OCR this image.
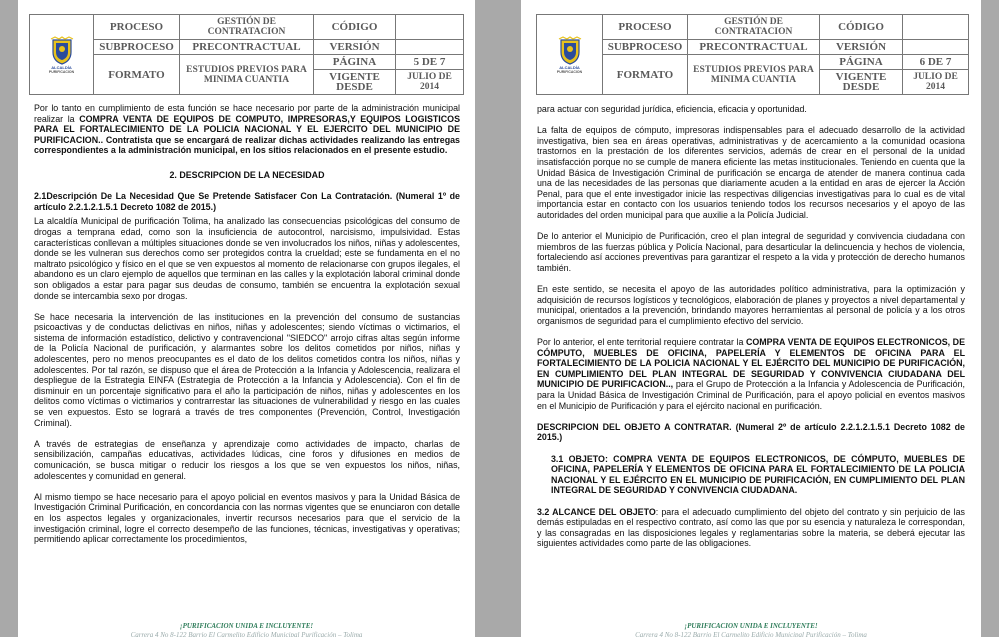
ALCALDÍA
PURIFICACION	PROCESO	GESTIÓN DE CONTRATACION	CÓDIGO	
	SUBPROCESO	PRECONTRACTUAL	VERSIÓN	
	FORMATO	ESTUDIOS PREVIOS PARA MINIMA CUANTIA	PÁGINA	5 DE 7
			VIGENTE DESDE	JULIO DE 2014

Por lo tanto en cumplimiento de esta función se hace necesario por parte de la administración municipal realizar la COMPRA VENTA DE EQUIPOS DE COMPUTO, IMPRESORAS,Y EQUIPOS LOGISTICOS PARA EL FORTALECIMIENTO DE LA POLICIA NACIONAL Y EL EJERCITO DEL MUNICIPIO DE PURIFICACION.. Contratista que se encargará de realizar dichas actividades realizando las entregas correspondientes a la administración municipal, en los sitios relacionados en el presente estudio.

2. DESCRIPCION DE LA NECESIDAD

2.1Descripción De La Necesidad Que Se Pretende Satisfacer Con La Contratación. (Numeral 1º de artículo 2.2.1.2.1.5.1 Decreto 1082 de 2015.)

La alcaldía Municipal de purificación Tolima, ha analizado las consecuencias psicológicas del consumo de drogas a temprana edad, como son la insuficiencia de autocontrol, narcisismo, impulsividad. Estas características conllevan a múltiples situaciones donde se ven involucrados los niños, niñas y adolescentes, donde se les vulneran sus derechos como ser protegidos contra la crueldad; este se fundamenta en el no maltrato psicológico y físico en el que se ven expuestos al momento de relacionarse con grupos ilegales, el abandono es un claro ejemplo de aquellos que terminan en las calles y la explotación laboral criminal donde son obligados a estar para pagar sus deudas de consumo, también se encuentra la explotación sexual donde se intercambia sexo por drogas.

Se hace necesaria la intervención de las instituciones en la prevención del consumo de sustancias psicoactivas y de conductas delictivas en niños, niñas y adolescentes; siendo víctimas o victimarios, el sistema de información estadístico, delictivo y contravencional "SIEDCO" arrojo cifras altas según informe de la Policía Nacional de purificación, y alarmantes sobre los delitos cometidos por niños, niñas y adolescentes, pero no menos preocupantes es el dato de los delitos cometidos contra los niños, niñas y adolescentes. Por tal razón, se dispuso que el área de Protección a la Infancia y Adolescencia, realizara el despliegue de la Estrategia EINFA (Estrategia de Protección a la Infancia y Adolescencia). Con el fin de disminuir en un porcentaje significativo para el año la participación de niños, niñas y adolescentes en los delitos como víctimas o victimarios y contrarrestar las situaciones de vulnerabilidad y riesgo en las cuales se ven expuestos. Esto se logrará a través de tres componentes (Prevención, Control, Investigación Criminal).

A través de estrategias de enseñanza y aprendizaje como actividades de impacto, charlas de sensibilización, campañas educativas, actividades lúdicas, cine foros y difusiones en medios de comunicación, se busca mitigar o reducir los riesgos a los que se ven expuestos los niños, niñas, adolescentes y comunidad en general.

Al mismo tiempo se hace necesario para el apoyo policial en eventos masivos y para la Unidad Básica de Investigación Criminal Purificación, en concordancia con las normas vigentes que se enunciaron con detalle en los aspectos legales y organizacionales, invertir recursos necesarios para que el servicio de la investigación criminal, logre el correcto desempeño de las funciones, técnicas, investigativas y operativas; permitiendo aplicar correctamente los procedimientos,

¡PURIFICACION UNIDA E INCLUYENTE!
Carrera 4 No 8-122 Barrio El Carmelito Edificio Municipal Purificación – Tolima
ALCALDÍA
PURIFICACION	PROCESO	GESTIÓN DE CONTRATACION	CÓDIGO	
	SUBPROCESO	PRECONTRACTUAL	VERSIÓN	
	FORMATO	ESTUDIOS PREVIOS PARA MINIMA CUANTIA	PÁGINA	6 DE 7
			VIGENTE DESDE	JULIO DE 2014

para actuar con seguridad jurídica, eficiencia, eficacia y oportunidad.

La falta de equipos de cómputo, impresoras indispensables para el adecuado desarrollo de la actividad investigativa, bien sea en áreas operativas, administrativas y de acercamiento a la comunidad ocasiona trastornos en la prestación de los diferentes servicios, además de crear en el personal de la unidad insatisfacción porque no se cumple de manera eficiente las metas institucionales. Teniendo en cuenta que la Unidad Básica de Investigación Criminal de purificación se encarga de atender de manera continua cada una de las necesidades de las personas que diariamente acuden a la entidad en aras de ejercer la Acción Penal, para que el ente investigador inicie las respectivas diligencias investigativas para lo cual es de vital importancia estar en contacto con los usuarios teniendo todos los recursos necesarios y el apoyo de las autoridades del orden municipal para que auxilie a la Policía Judicial.

De lo anterior el Municipio de Purificación, creo el plan integral de seguridad y convivencia ciudadana con miembros de las fuerzas pública y Policía Nacional, para desarticular la delincuencia y hechos de violencia, fortaleciendo así acciones preventivas para garantizar el respeto a la vida y protección de derecho humanos también.

En este sentido, se necesita el apoyo de las autoridades político administrativa, para la optimización y adquisición de recursos logísticos y tecnológicos, elaboración de planes y proyectos a nivel departamental y municipal, orientados a la prevención, brindando mayores herramientas al personal de policía y a los otros organismos de seguridad para el cumplimiento efectivo del servicio.

Por lo anterior, el ente territorial requiere contratar la COMPRA VENTA DE EQUIPOS ELECTRONICOS, DE CÓMPUTO, MUEBLES DE OFICINA, PAPELERÍA Y ELEMENTOS DE OFICINA PARA EL FORTALECIMIENTO DE LA POLICIA NACIONAL Y EL EJÉRCITO DEL MUNICIPIO DE PURIFICACIÓN, EN CUMPLIMIENTO DEL PLAN INTEGRAL DE SEGURIDAD Y CONVIVENCIA CIUDADANA DEL MUNICIPIO DE PURIFICACION.., para el Grupo de Protección a la Infancia y Adolescencia de Purificación, para la Unidad Básica de Investigación Criminal de Purificación, para el apoyo policial en eventos masivos en el Municipio de Purificación y para el ejército nacional en purificación.

DESCRIPCION DEL OBJETO A CONTRATAR. (Numeral 2º de artículo 2.2.1.2.1.5.1 Decreto 1082 de 2015.)

3.1 OBJETO: COMPRA VENTA DE EQUIPOS ELECTRONICOS, DE CÓMPUTO, MUEBLES DE OFICINA, PAPELERÍA Y ELEMENTOS DE OFICINA PARA EL FORTALECIMIENTO DE LA POLICIA NACIONAL Y EL EJÉRCITO EN EL MUNICIPIO DE PURIFICACIÓN, EN CUMPLIMIENTO DEL PLAN INTEGRAL DE SEGURIDAD Y CONVIVENCIA CIUDADANA.

3.2 ALCANCE DEL OBJETO: para el adecuado cumplimiento del objeto del contrato y sin perjuicio de las demás estipuladas en el respectivo contrato, así como las que por su esencia y naturaleza le correspondan, y las consagradas en las disposiciones legales y reglamentarias sobre la materia, se deberá ejecutar las siguientes actividades como parte de las obligaciones.

¡PURIFICACION UNIDA E INCLUYENTE!
Carrera 4 No 8-122 Barrio El Carmelito Edificio Municipal Purificación – Tolima
